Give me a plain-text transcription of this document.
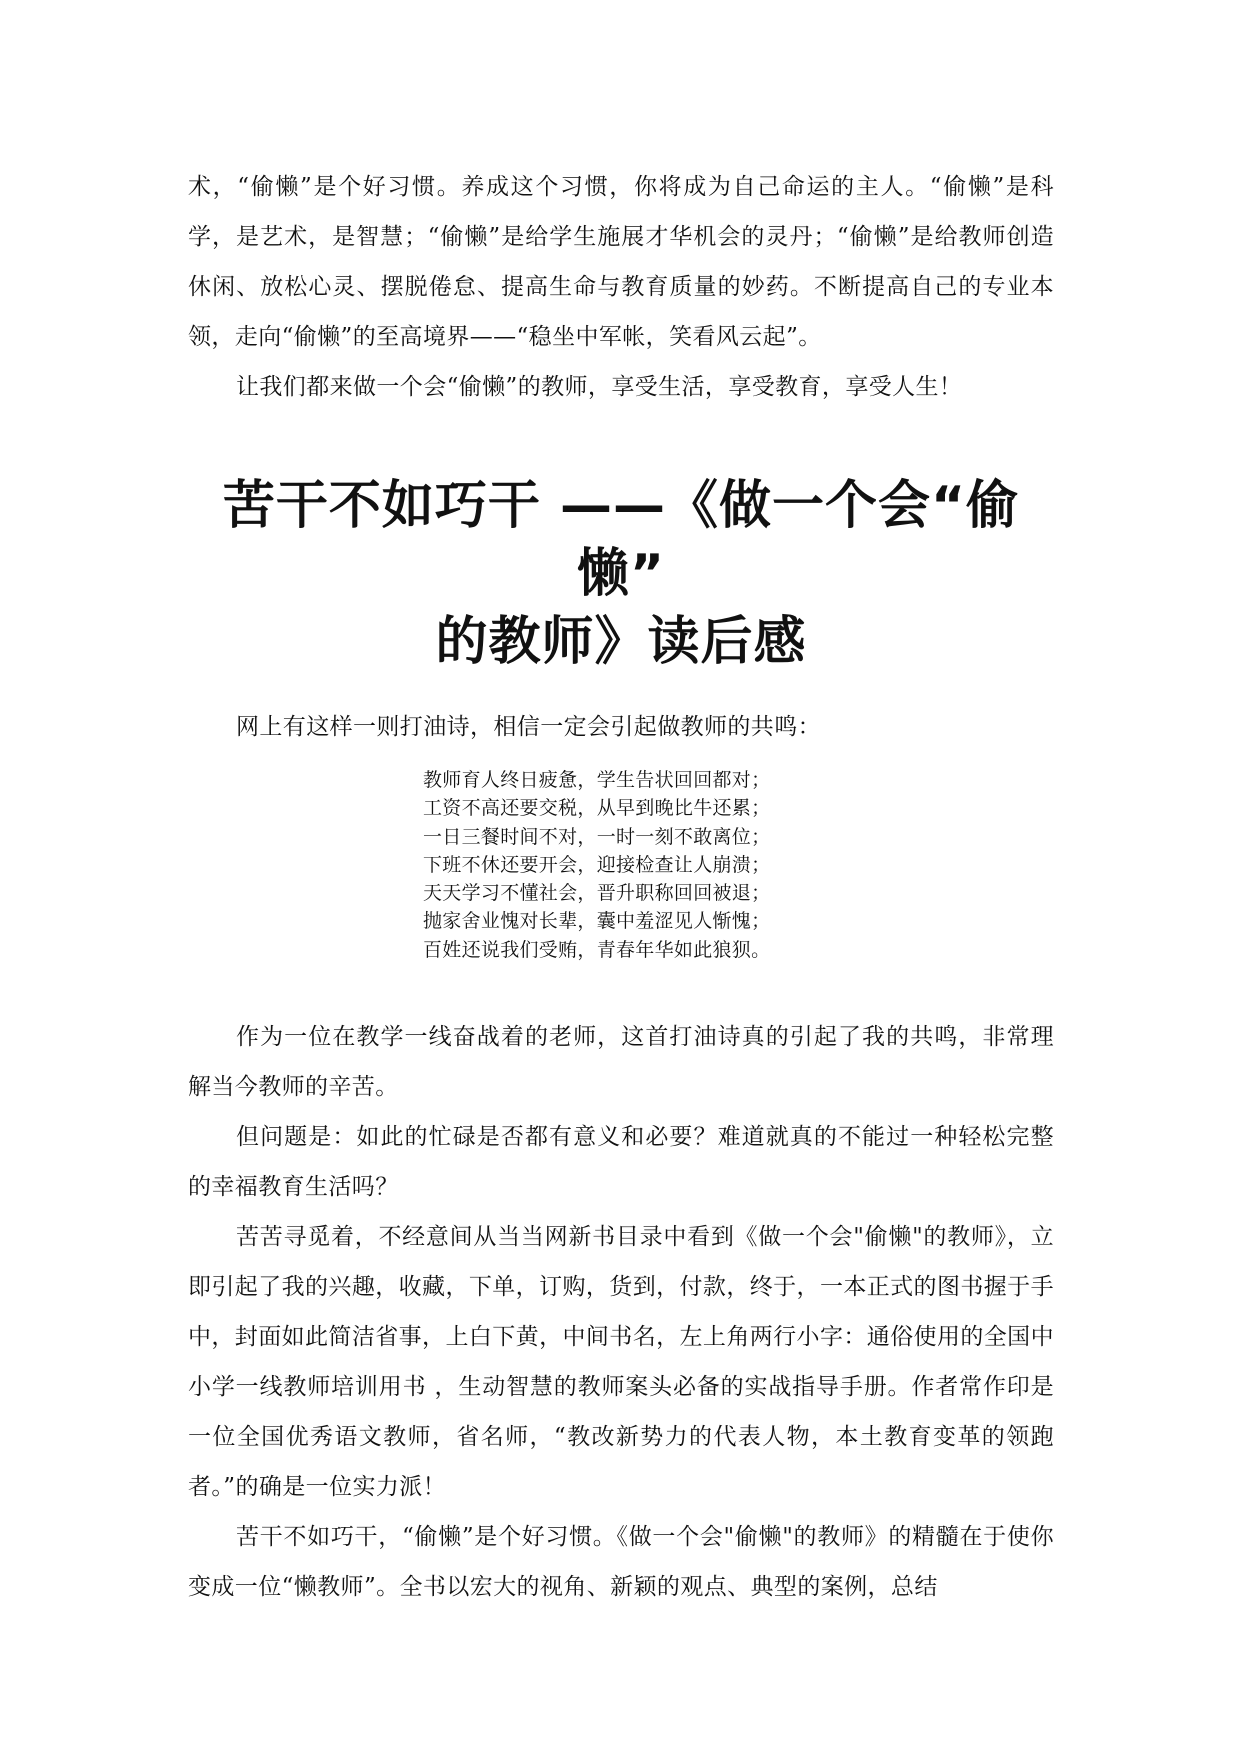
术，“偷懒”是个好习惯。养成这个习惯，你将成为自己命运的主人。“偷懒”是科学，是艺术，是智慧；“偷懒”是给学生施展才华机会的灵丹；“偷懒”是给教师创造休闲、放松心灵、摆脱倦怠、提高生命与教育质量的妙药。不断提高自己的专业本领，走向“偷懒”的至高境界——“稳坐中军帐，笑看风云起”。

让我们都来做一个会“偷懒”的教师，享受生活，享受教育，享受人生！

苦干不如巧干 ——《做一个会“偷懒”
的教师》读后感

网上有这样一则打油诗，相信一定会引起做教师的共鸣：

教师育人终日疲惫，学生告状回回都对；
工资不高还要交税，从早到晚比牛还累；
一日三餐时间不对，一时一刻不敢离位；
下班不休还要开会，迎接检查让人崩溃；
天天学习不懂社会，晋升职称回回被退；
抛家舍业愧对长辈，囊中羞涩见人惭愧；
百姓还说我们受贿，青春年华如此狼狈。

作为一位在教学一线奋战着的老师，这首打油诗真的引起了我的共鸣，非常理解当今教师的辛苦。

但问题是：如此的忙碌是否都有意义和必要？难道就真的不能过一种轻松完整的幸福教育生活吗？

苦苦寻觅着，不经意间从当当网新书目录中看到《做一个会"偷懒"的教师》，立即引起了我的兴趣，收藏，下单，订购，货到，付款，终于，一本正式的图书握于手中，封面如此简洁省事，上白下黄，中间书名，左上角两行小字：通俗使用的全国中小学一线教师培训用书 ，生动智慧的教师案头必备的实战指导手册。作者常作印是一位全国优秀语文教师，省名师，“教改新势力的代表人物，本土教育变革的领跑者。”的确是一位实力派！

苦干不如巧干，“偷懒”是个好习惯。《做一个会"偷懒"的教师》的精髓在于使你变成一位“懒教师”。全书以宏大的视角、新颖的观点、典型的案例，总结
